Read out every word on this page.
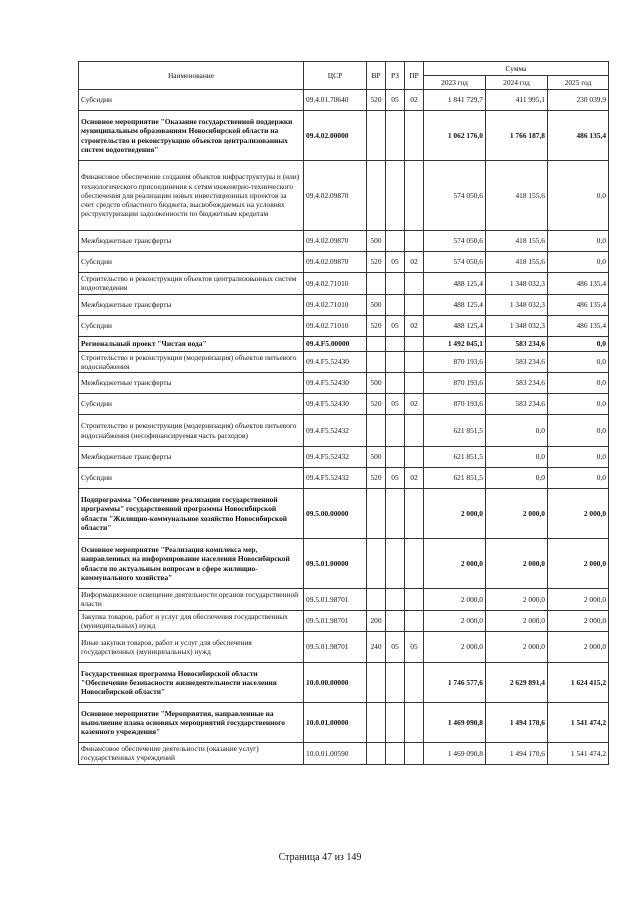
Наименование	ЦСР	ВР	РЗ	ПР	Сумма		
					2023 год	2024 год	2025 год
Субсидии	09.4.01.70640	520	05	02	1 841 729,7	411 995,1	230 039,9
Основное мероприятие "Оказание государственной поддержки муниципальным образованиям Новосибирской области на строительство и реконструкцию объектов централизованных систем водоотведения"	09.4.02.00000				1 062 176,0	1 766 187,8	486 135,4
Финансовое обеспечение создания объектов инфраструктуры и (или) технологического присоединения к сетям инженерно-технического обеспечения для реализации новых инвестиционных проектов за счет средств областного бюджета, высвобождаемых на условиях реструктуризации задолженности по бюджетным кредитам	09.4.02.09870				574 050,6	418 155,6	0,0
Межбюджетные трансферты	09.4.02.09870	500			574 050,6	418 155,6	0,0
Субсидии	09.4.02.09870	520	05	02	574 050,6	418 155,6	0,0
Строительство и реконструкция объектов централизованных систем водоотведения	09.4.02.71010				488 125,4	1 348 032,3	486 135,4
Межбюджетные трансферты	09.4.02.71010	500			488 125,4	1 348 032,3	486 135,4
Субсидии	09.4.02.71010	520	05	02	488 125,4	1 348 032,3	486 135,4
Региональный проект "Чистая вода"	09.4.F5.00000				1 492 045,1	583 234,6	0,0
Строительство и реконструкция (модернизация) объектов питьевого водоснабжения	09.4.F5.52430				870 193,6	583 234,6	0,0
Межбюджетные трансферты	09.4.F5.52430	500			870 193,6	583 234,6	0,0
Субсидии	09.4.F5.52430	520	05	02	870 193,6	583 234,6	0,0
Строительство и реконструкция (модернизация) объектов питьевого водоснабжения (несофинансируемая часть расходов)	09.4.F5.52432				621 851,5	0,0	0,0
Межбюджетные трансферты	09.4.F5.52432	500			621 851,5	0,0	0,0
Субсидии	09.4.F5.52432	520	05	02	621 851,5	0,0	0,0
Подпрограмма "Обеспечение реализации государственной программы" государственной программы Новосибирской области "Жилищно-коммунальное хозяйство Новосибирской области"	09.5.00.00000				2 000,0	2 000,0	2 000,0
Основное мероприятие "Реализация комплекса мер, направленных на информирование населения Новосибирской области по актуальным вопросам в сфере жилищно-коммунального хозяйства"	09.5.01.00000				2 000,0	2 000,0	2 000,0
Информационное освещение деятельности органов государственной власти	09.5.01.98701				2 000,0	2 000,0	2 000,0
Закупка товаров, работ и услуг для обеспечения государственных (муниципальных) нужд	09.5.01.98701	200			2 000,0	2 000,0	2 000,0
Иные закупки товаров, работ и услуг для обеспечения государственных (муниципальных) нужд	09.5.01.98701	240	05	05	2 000,0	2 000,0	2 000,0
Государственная программа Новосибирской области "Обеспечение безопасности жизнедеятельности населения Новосибирской области"	10.0.00.00000				1 746 577,6	2 629 891,4	1 624 415,2
Основное мероприятие "Мероприятия, направленные на выполнение плана основных мероприятий государственного казенного учреждения"	10.0.01.00000				1 469 090,8	1 494 170,6	1 541 474,2
Финансовое обеспечение деятельности (оказание услуг) государственных учреждений	10.0.01.00590				1 469 090,8	1 494 170,6	1 541 474,2
Страница 47 из 149
